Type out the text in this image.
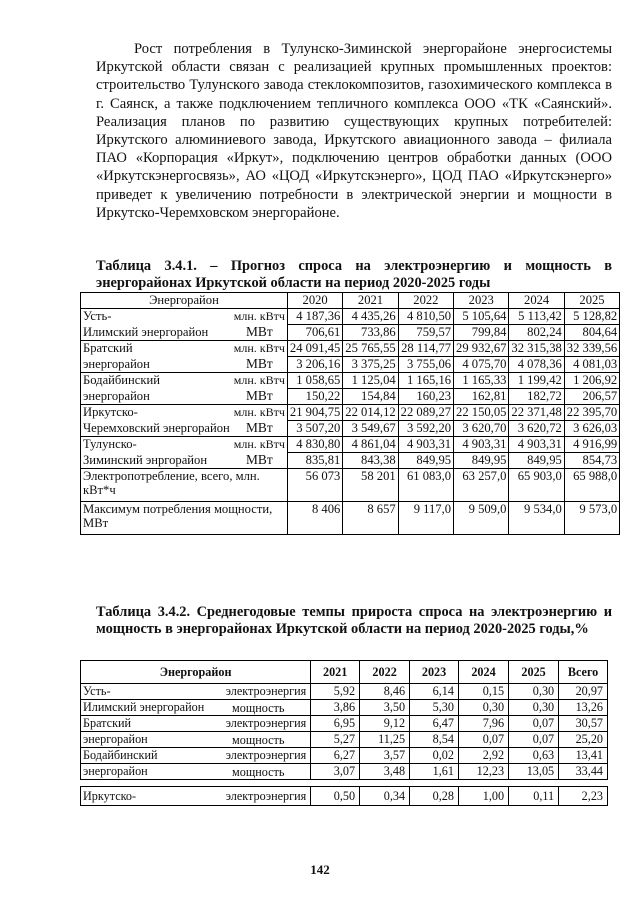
Рост потребления в Тулунско-Зиминской энергорайоне энергосистемы Иркутской области связан с реализацией крупных промышленных проектов: строительство Тулунского завода стеклокомпозитов, газохимического комплекса в г. Саянск, а также подключением тепличного комплекса ООО «ТК «Саянский». Реализация планов по развитию существующих крупных потребителей: Иркутского алюминиевого завода, Иркутского авиационного завода – филиала ПАО «Корпорация «Иркут», подключению центров обработки данных (ООО «Иркутскэнергосвязь», АО «ЦОД «Иркутскэнерго», ЦОД ПАО «Иркутскэнерго» приведет к увеличению потребности в электрической энергии и мощности в Иркутско-Черемховском энергорайоне.

Таблица 3.4.1. – Прогноз спроса на электроэнергию и мощность в энергорайонах Иркутской области на период 2020-2025 годы

Энергорайон		2020	2021	2022	2023	2024	2025
Усть-	млн. кВтч	4 187,36	4 435,26	4 810,50	5 105,64	5 113,42	5 128,82
Илимский энергорайон	МВт	706,61	733,86	759,57	799,84	802,24	804,64
Братский	млн. кВтч	24 091,45	25 765,55	28 114,77	29 932,67	32 315,38	32 339,56
энергорайон	МВт	3 206,16	3 375,25	3 755,06	4 075,70	4 078,36	4 081,03
Бодайбинский	млн. кВтч	1 058,65	1 125,04	1 165,16	1 165,33	1 199,42	1 206,92
энергорайон	МВт	150,22	154,84	160,23	162,81	182,72	206,57
Иркутско-	млн. кВтч	21 904,75	22 014,12	22 089,27	22 150,05	22 371,48	22 395,70
Черемховский энергорайон	МВт	3 507,20	3 549,67	3 592,20	3 620,70	3 620,72	3 626,03
Тулунско-	млн. кВтч	4 830,80	4 861,04	4 903,31	4 903,31	4 903,31	4 916,99
Зиминский энргорайон	МВт	835,81	843,38	849,95	849,95	849,95	854,73
Электропотребление, всего, млн. кВт*ч		56 073	58 201	61 083,0	63 257,0	65 903,0	65 988,0
Максимум потребления мощности, МВт		8 406	8 657	9 117,0	9 509,0	9 534,0	9 573,0

Таблица 3.4.2. Среднегодовые темпы прироста спроса на электроэнергию и мощность в энергорайонах Иркутской области на период 2020-2025 годы,%

Энергорайон		2021	2022	2023	2024	2025	Всего
Усть-	электроэнергия	5,92	8,46	6,14	0,15	0,30	20,97
Илимский энергорайон	мощность	3,86	3,50	5,30	0,30	0,30	13,26
Братский	электроэнергия	6,95	9,12	6,47	7,96	0,07	30,57
энергорайон	мощность	5,27	11,25	8,54	0,07	0,07	25,20
Бодайбинский	электроэнергия	6,27	3,57	0,02	2,92	0,63	13,41
энергорайон	мощность	3,07	3,48	1,61	12,23	13,05	33,44

Иркутско-	электроэнергия	0,50	0,34	0,28	1,00	0,11	2,23
142
